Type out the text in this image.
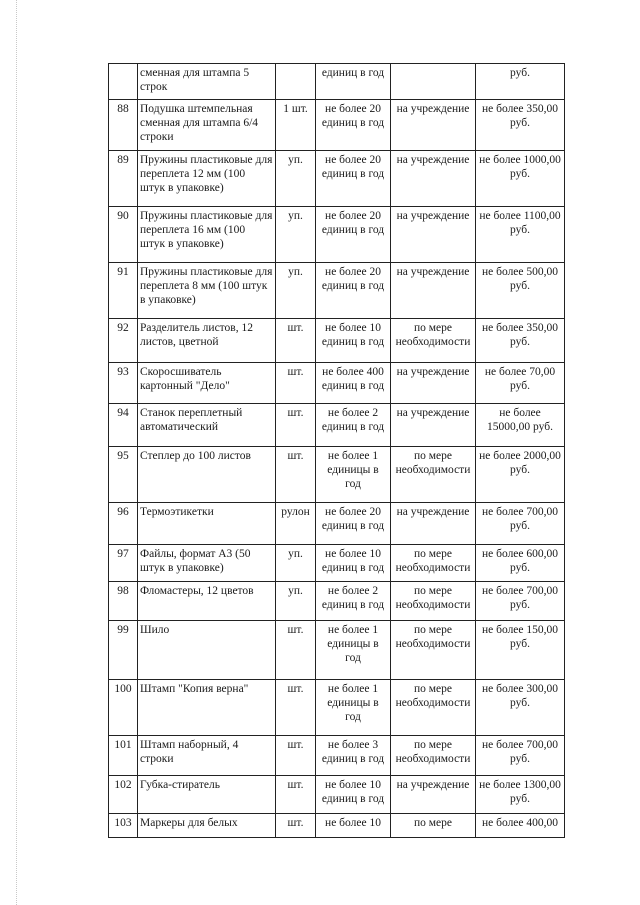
	сменная для штампа 5 строк		единиц в год		руб.
88	Подушка штемпельная сменная для штампа 6/4 строки	1 шт.	не более 20 единиц в год	на учреждение	не более 350,00 руб.
89	Пружины пластиковые для переплета 12 мм (100 штук в упаковке)	уп.	не более 20 единиц в год	на учреждение	не более 1000,00 руб.
90	Пружины пластиковые для переплета 16 мм (100 штук в упаковке)	уп.	не более 20 единиц в год	на учреждение	не более 1100,00 руб.
91	Пружины пластиковые для переплета 8 мм (100 штук в упаковке)	уп.	не более 20 единиц в год	на учреждение	не более 500,00 руб.
92	Разделитель листов, 12 листов, цветной	шт.	не более 10 единиц в год	по мере необходимости	не более 350,00 руб.
93	Скоросшиватель картонный "Дело"	шт.	не более 400 единиц в год	на учреждение	не более 70,00 руб.
94	Станок переплетный автоматический	шт.	не более 2 единиц в год	на учреждение	не более 15000,00 руб.
95	Степлер до 100 листов	шт.	не более 1 единицы в год	по мере необходимости	не более 2000,00 руб.
96	Термоэтикетки	рулон	не более 20 единиц в год	на учреждение	не более 700,00 руб.
97	Файлы, формат А3 (50 штук в упаковке)	уп.	не более 10 единиц в год	по мере необходимости	не более 600,00 руб.
98	Фломастеры, 12 цветов	уп.	не более 2 единиц в год	по мере необходимости	не более 700,00 руб.
99	Шило	шт.	не более 1 единицы в год	по мере необходимости	не более 150,00 руб.
100	Штамп "Копия верна"	шт.	не более 1 единицы в год	по мере необходимости	не более 300,00 руб.
101	Штамп наборный, 4 строки	шт.	не более 3 единиц в год	по мере необходимости	не более 700,00 руб.
102	Губка-стиратель	шт.	не более 10 единиц в год	на учреждение	не более 1300,00 руб.
103	Маркеры для белых	шт.	не более 10	по мере	не более 400,00
